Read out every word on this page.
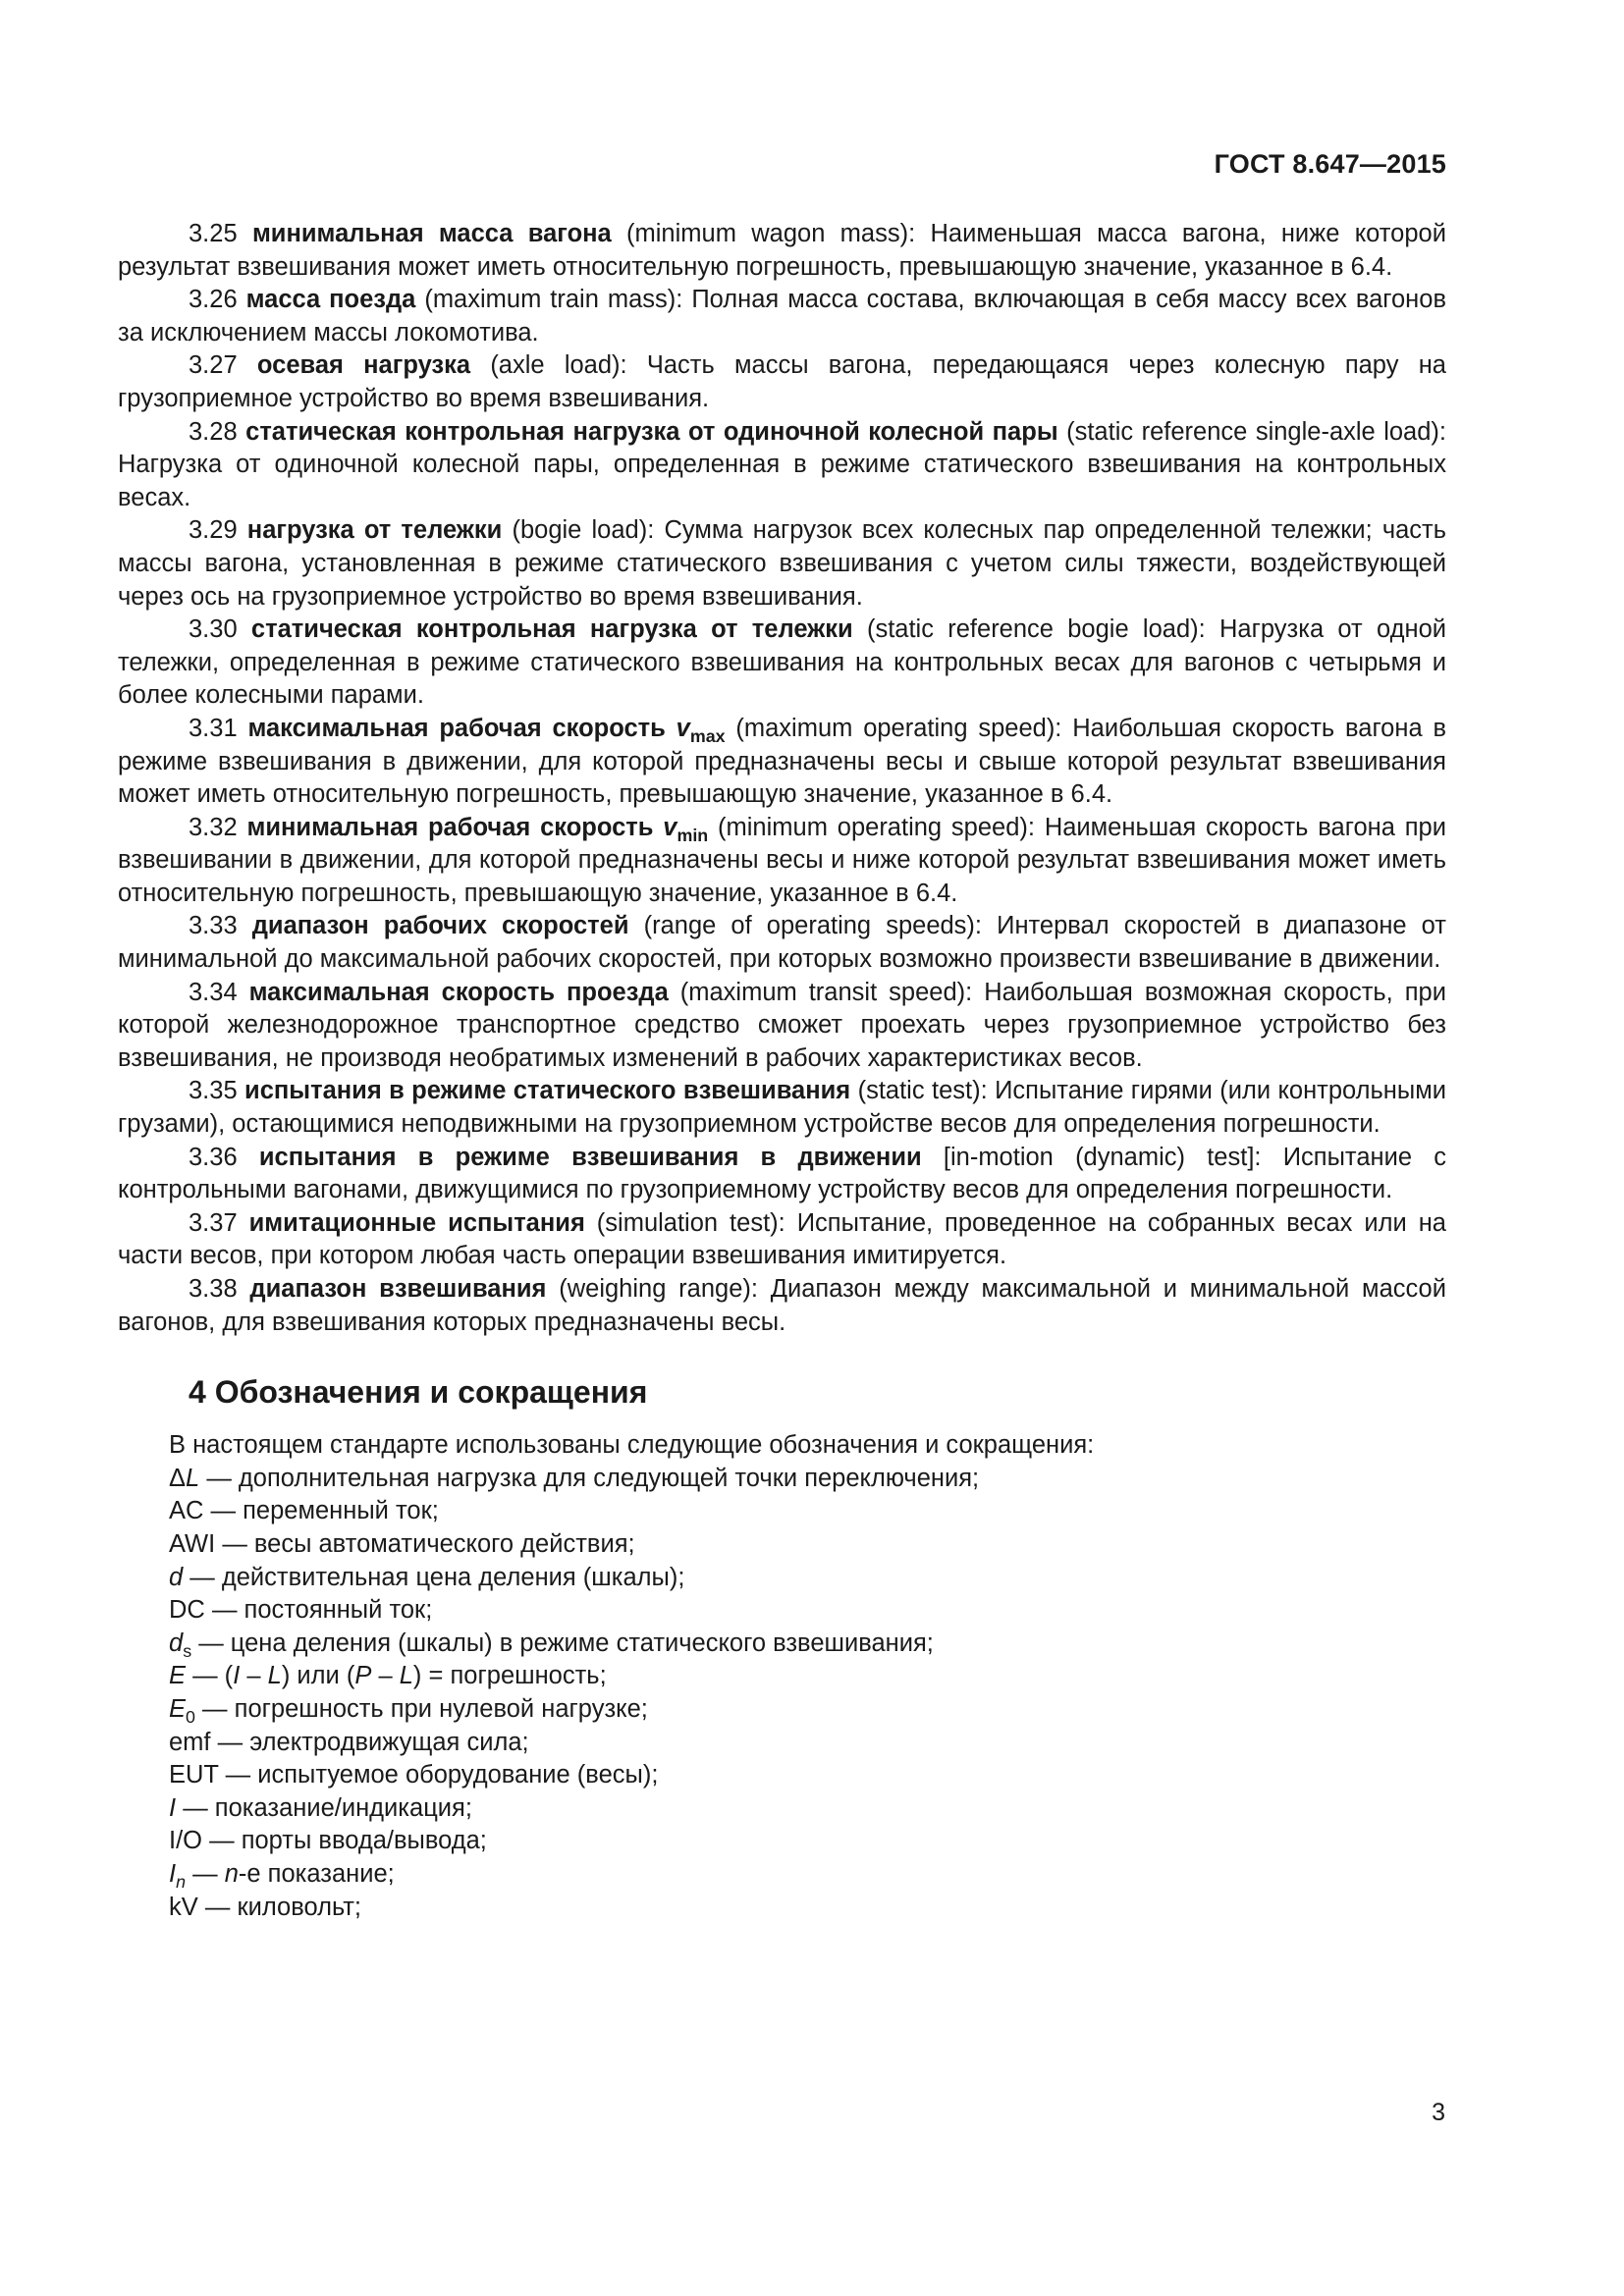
ГОСТ 8.647—2015

3.25 минимальная масса вагона (minimum wagon mass): Наименьшая масса вагона, ниже которой результат взвешивания может иметь относительную погрешность, превышающую значение, указанное в 6.4.

3.26 масса поезда (maximum train mass): Полная масса состава, включающая в себя массу всех вагонов за исключением массы локомотива.

3.27 осевая нагрузка (axle load): Часть массы вагона, передающаяся через колесную пару на грузоприемное устройство во время взвешивания.

3.28 статическая контрольная нагрузка от одиночной колесной пары (static reference single-axle load): Нагрузка от одиночной колесной пары, определенная в режиме статического взвешивания на контрольных весах.

3.29 нагрузка от тележки (bogie load): Сумма нагрузок всех колесных пар определенной тележки; часть массы вагона, установленная в режиме статического взвешивания с учетом силы тяжести, воздействующей через ось на грузоприемное устройство во время взвешивания.

3.30 статическая контрольная нагрузка от тележки (static reference bogie load): Нагрузка от одной тележки, определенная в режиме статического взвешивания на контрольных весах для вагонов с четырьмя и более колесными парами.

3.31 максимальная рабочая скорость $v_{max}$ (maximum operating speed): Наибольшая скорость вагона в режиме взвешивания в движении, для которой предназначены весы и свыше которой результат взвешивания может иметь относительную погрешность, превышающую значение, указанное в 6.4.

3.32 минимальная рабочая скорость $v_{min}$ (minimum operating speed): Наименьшая скорость вагона при взвешивании в движении, для которой предназначены весы и ниже которой результат взвешивания может иметь относительную погрешность, превышающую значение, указанное в 6.4.

3.33 диапазон рабочих скоростей (range of operating speeds): Интервал скоростей в диапазоне от минимальной до максимальной рабочих скоростей, при которых возможно произвести взвешивание в движении.

3.34 максимальная скорость проезда (maximum transit speed): Наибольшая возможная скорость, при которой железнодорожное транспортное средство сможет проехать через грузоприемное устройство без взвешивания, не производя необратимых изменений в рабочих характеристиках весов.

3.35 испытания в режиме статического взвешивания (static test): Испытание гирями (или контрольными грузами), остающимися неподвижными на грузоприемном устройстве весов для определения погрешности.

3.36 испытания в режиме взвешивания в движении [in-motion (dynamic) test]: Испытание с контрольными вагонами, движущимися по грузоприемному устройству весов для определения погрешности.

3.37 имитационные испытания (simulation test): Испытание, проведенное на собранных весах или на части весов, при котором любая часть операции взвешивания имитируется.

3.38 диапазон взвешивания (weighing range): Диапазон между максимальной и минимальной массой вагонов, для взвешивания которых предназначены весы.

4 Обозначения и сокращения
В настоящем стандарте использованы следующие обозначения и сокращения:
ΔL — дополнительная нагрузка для следующей точки переключения;
AC — переменный ток;
AWI — весы автоматического действия;
d — действительная цена деления (шкалы);
DC — постоянный ток;
$d_s$ — цена деления (шкалы) в режиме статического взвешивания;
E — (I – L) или (P – L) = погрешность;
$E_0$ — погрешность при нулевой нагрузке;
emf — электродвижущая сила;
EUT — испытуемое оборудование (весы);
I — показание/индикация;
I/O — порты ввода/вывода;
$I_n$ — n-е показание;
kV — киловольт;
3
